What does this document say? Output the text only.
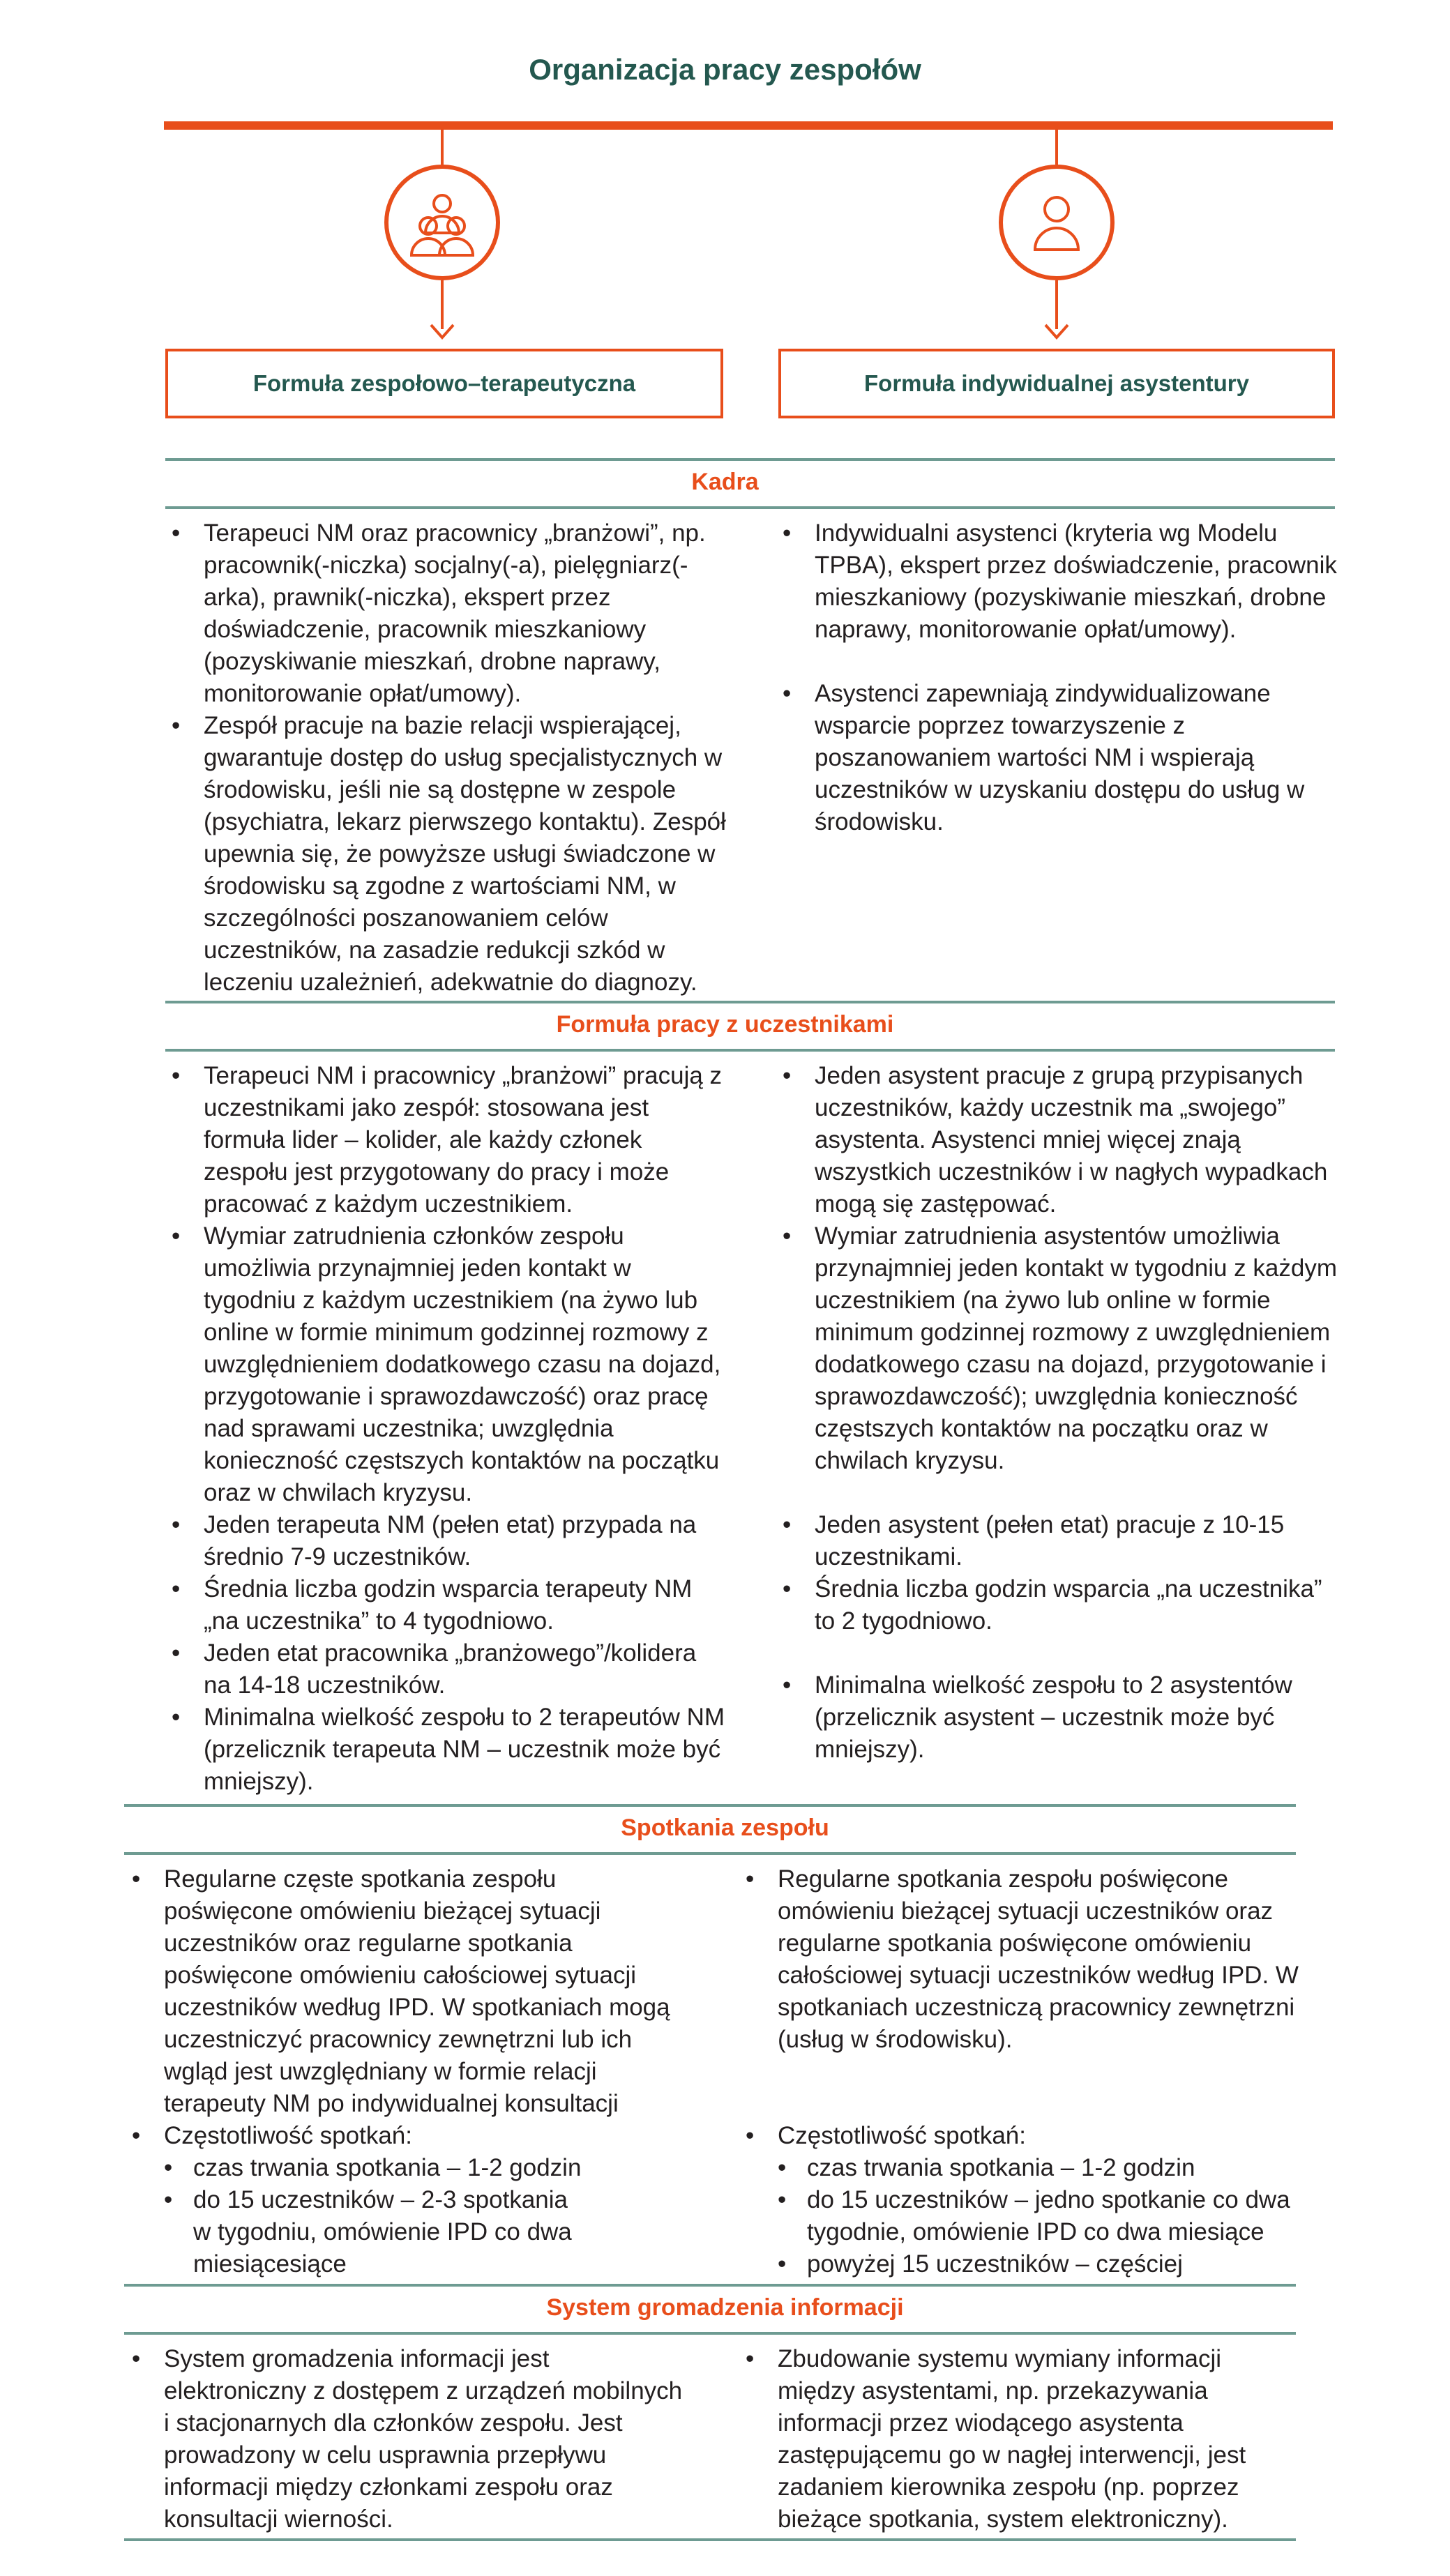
Organizacja pracy zespołów
Formuła zespołowo–terapeutyczna	Formuła indywidualnej asystentury
Kadra
• Terapeuci NM oraz pracownicy „branżowi”, np. pracownik(-niczka) socjalny(-a), pielęgniarz(-arka), prawnik(-niczka), ekspert przez doświadczenie, pracownik mieszkaniowy (pozyskiwanie mieszkań, drobne naprawy, monitorowanie opłat/umowy).
• Zespół pracuje na bazie relacji wspierającej, gwarantuje dostęp do usług specjalistycznych w środowisku, jeśli nie są dostępne w zespole (psychiatra, lekarz pierwszego kontaktu). Zespół upewnia się, że powyższe usługi świadczone w środowisku są zgodne z wartościami NM, w szczególności poszanowaniem celów uczestników, na zasadzie redukcji szkód w leczeniu uzależnień, adekwatnie do diagnozy.
• Indywidualni asystenci (kryteria wg Modelu TPBA), ekspert przez doświadczenie, pracownik mieszkaniowy (pozyskiwanie mieszkań, drobne naprawy, monitorowanie opłat/umowy).
• Asystenci zapewniają zindywidualizowane wsparcie poprzez towarzyszenie z poszanowaniem wartości NM i wspierają uczestników w uzyskaniu dostępu do usług w środowisku.
Formuła pracy z uczestnikami
• Terapeuci NM i pracownicy „branżowi” pracują z uczestnikami jako zespół: stosowana jest formuła lider – kolider, ale każdy członek zespołu jest przygotowany do pracy i może pracować z każdym uczestnikiem.
• Wymiar zatrudnienia członków zespołu umożliwia przynajmniej jeden kontakt w tygodniu z każdym uczestnikiem (na żywo lub online w formie minimum godzinnej rozmowy z uwzględnieniem dodatkowego czasu na dojazd, przygotowanie i sprawozdawczość) oraz pracę nad sprawami uczestnika; uwzględnia konieczność częstszych kontaktów na początku oraz w chwilach kryzysu.
• Jeden terapeuta NM (pełen etat) przypada na średnio 7-9 uczestników.
• Średnia liczba godzin wsparcia terapeuty NM „na uczestnika” to 4 tygodniowo.
• Jeden etat pracownika „branżowego”/kolidera na 14-18 uczestników.
• Minimalna wielkość zespołu to 2 terapeutów NM (przelicznik terapeuta NM – uczestnik może być mniejszy).
• Jeden asystent pracuje z grupą przypisanych uczestników, każdy uczestnik ma „swojego” asystenta. Asystenci mniej więcej znają wszystkich uczestników i w nagłych wypadkach mogą się zastępować.
• Wymiar zatrudnienia asystentów umożliwia przynajmniej jeden kontakt w tygodniu z każdym uczestnikiem (na żywo lub online w formie minimum godzinnej rozmowy z uwzględnieniem dodatkowego czasu na dojazd, przygotowanie i sprawozdawczość); uwzględnia konieczność częstszych kontaktów na początku oraz w chwilach kryzysu.
• Jeden asystent (pełen etat) pracuje z 10-15 uczestnikami.
• Średnia liczba godzin wsparcia „na uczestnika” to 2 tygodniowo.
• Minimalna wielkość zespołu to 2 asystentów (przelicznik asystent – uczestnik może być mniejszy).
Spotkania zespołu
• Regularne częste spotkania zespołu poświęcone omówieniu bieżącej sytuacji uczestników oraz regularne spotkania poświęcone omówieniu całościowej sytuacji uczestników według IPD. W spotkaniach mogą uczestniczyć pracownicy zewnętrzni lub ich wgląd jest uwzględniany w formie relacji terapeuty NM po indywidualnej konsultacji
• Częstotliwość spotkań:
• czas trwania spotkania – 1-2 godzin
• do 15 uczestników – 2-3 spotkania
w tygodniu, omówienie IPD co dwa
miesiącesiące
• Regularne spotkania zespołu poświęcone omówieniu bieżącej sytuacji uczestników oraz regularne spotkania poświęcone omówieniu całościowej sytuacji uczestników według IPD. W spotkaniach uczestniczą pracownicy zewnętrzni (usług w środowisku).
• Częstotliwość spotkań:
• czas trwania spotkania – 1-2 godzin
• do 15 uczestników – jedno spotkanie co dwa tygodnie, omówienie IPD co dwa miesiące
• powyżej 15 uczestników – częściej
System gromadzenia informacji
• System gromadzenia informacji jest elektroniczny z dostępem z urządzeń mobilnych i stacjonarnych dla członków zespołu. Jest prowadzony w celu usprawnia przepływu informacji między członkami zespołu oraz konsultacji wierności.
• Zbudowanie systemu wymiany informacji między asystentami, np. przekazywania informacji przez wiodącego asystenta zastępującemu go w nagłej interwencji, jest zadaniem kierownika zespołu (np. poprzez bieżące spotkania, system elektroniczny).
